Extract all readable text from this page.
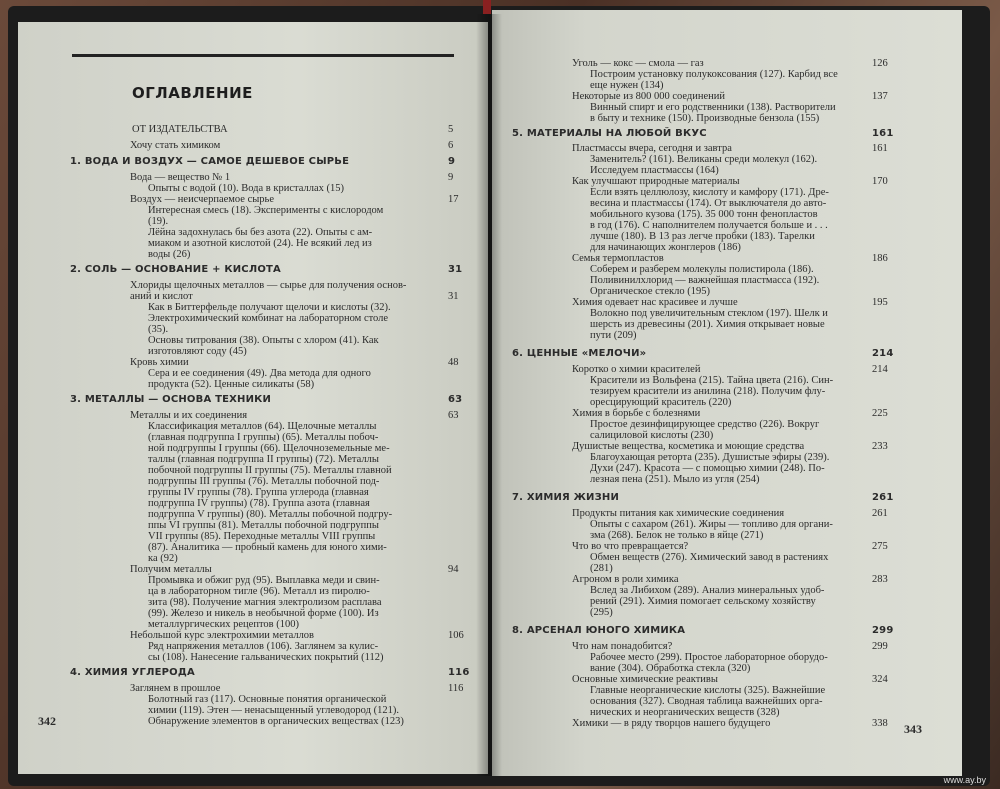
ОГЛАВЛЕНИЕ
ОТ ИЗДАТЕЛЬСТВА	5
Хочу стать химиком	6
1. ВОДА И ВОЗДУХ — САМОЕ ДЕШЕВОЕ СЫРЬЕ	9
Вода — вещество № 1	9
Опыты с водой (10). Вода в кристаллах (15)
Воздух — неисчерпаемое сырье	17
Интересная смесь (18). Эксперименты с кислородом
(19).
Лёйна задохнулась бы без азота (22). Опыты с ам-
миаком и азотной кислотой (24). Не всякий лед из
воды (26)
2. СОЛЬ — ОСНОВАНИЕ + КИСЛОТА	31
Хлориды щелочных металлов — сырье для получения основ-
аний и кислот	31
Как в Биттерфельде получают щелочи и кислоты (32).
Электрохимический комбинат на лабораторном столе
(35).
Основы титрования (38). Опыты с хлором (41). Как
изготовляют соду (45)
Кровь химии	48
Сера и ее соединения (49). Два метода для одного
продукта (52). Ценные силикаты (58)
3. МЕТАЛЛЫ — ОСНОВА ТЕХНИКИ	63
Металлы и их соединения	63
Классификация металлов (64). Щелочные металлы
(главная подгруппа I группы) (65). Металлы побоч-
ной подгруппы I группы (66). Щелочноземельные ме-
таллы (главная подгруппа II группы) (72). Металлы
побочной подгруппы II группы (75). Металлы главной
подгруппы III группы (76). Металлы побочной под-
группы IV группы (78). Группа углерода (главная
подгруппа IV группы) (78). Группа азота (главная
подгруппа V группы) (80). Металлы побочной подгру-
ппы VI группы (81). Металлы побочной подгруппы
VII группы (85). Переходные металлы VIII группы
(87). Аналитика — пробный камень для юного хими-
ка (92)
Получим металлы	94
Промывка и обжиг руд (95). Выплавка меди и свин-
ца в лабораторном тигле (96). Металл из пиролю-
зита (98). Получение магния электролизом расплава
(99). Железо и никель в необычной форме (100). Из
металлургических рецептов (100)
Небольшой курс электрохимии металлов	106
Ряд напряжения металлов (106). Заглянем за кулис-
сы (108). Нанесение гальванических покрытий (112)
4. ХИМИЯ УГЛЕРОДА	116
Заглянем в прошлое	116
Болотный газ (117). Основные понятия органической
химии (119). Этен — ненасыщенный углеводород (121).
Обнаружение элементов в органических веществах (123)
Уголь — кокс — смола — газ	126
Построим установку полукоксования (127). Карбид все
еще нужен (134)
Некоторые из 800 000 соединений	137
Винный спирт и его родственники (138). Растворители
в быту и технике (150). Производные бензола (155)
5. МАТЕРИАЛЫ НА ЛЮБОЙ ВКУС	161
Пластмассы вчера, сегодня и завтра	161
Заменитель? (161). Великаны среди молекул (162).
Исследуем пластмассы (164)
Как улучшают природные материалы	170
Если взять целлюлозу, кислоту и камфору (171). Дре-
весина и пластмассы (174). От выключателя до авто-
мобильного кузова (175). 35 000 тонн фенопластов
в год (176). С наполнителем получается больше и . . .
лучше (180). В 13 раз легче пробки (183). Тарелки
для начинающих жонглеров (186)
Семья термопластов	186
Соберем и разберем молекулы полистирола (186).
Поливинилхлорид — важнейшая пластмасса (192).
Органическое стекло (195)
Химия одевает нас красивее и лучше	195
Волокно под увеличительным стеклом (197). Шелк и
шерсть из древесины (201). Химия открывает новые
пути (209)
6. ЦЕННЫЕ «МЕЛОЧИ»	214
Коротко о химии красителей	214
Красители из Вольфена (215). Тайна цвета (216). Син-
тезируем красители из анилина (218). Получим флу-
оресцирующий краситель (220)
Химия в борьбе с болезнями	225
Простое дезинфицирующее средство (226). Вокруг
салициловой кислоты (230)
Душистые вещества, косметика и моющие средства	233
Благоухающая реторта (235). Душистые эфиры (239).
Духи (247). Красота — с помощью химии (248). По-
лезная пена (251). Мыло из угля (254)
7. ХИМИЯ ЖИЗНИ	261
Продукты питания как химические соединения	261
Опыты с сахаром (261). Жиры — топливо для органи-
зма (268). Белок не только в яйце (271)
Что во что превращается?	275
Обмен веществ (276). Химический завод в растениях
(281)
Агроном в роли химика	283
Вслед за Либихом (289). Анализ минеральных удоб-
рений (291). Химия помогает сельскому хозяйству
(295)
8. АРСЕНАЛ ЮНОГО ХИМИКА	299
Что нам понадобится?	299
Рабочее место (299). Простое лабораторное оборудо-
вание (304). Обработка стекла (320)
Основные химические реактивы	324
Главные неорганические кислоты (325). Важнейшие
основания (327). Сводная таблица важнейших орга-
нических и неорганических веществ (328)
Химики — в ряду творцов нашего будущего	338
342
343
www.ay.by
